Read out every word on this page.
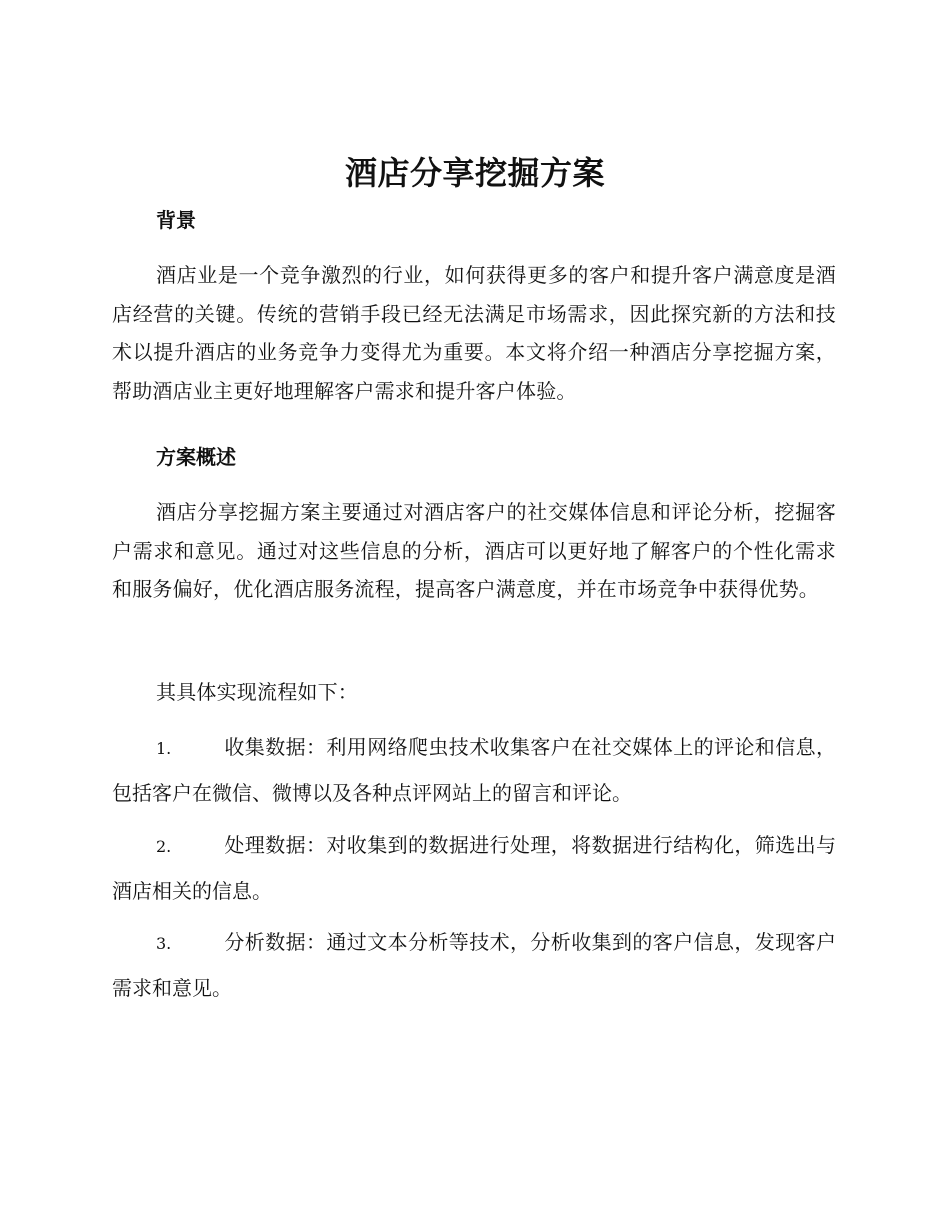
酒店分享挖掘方案
背景
酒店业是一个竞争激烈的行业，如何获得更多的客户和提升客户满意度是酒店经营的关键。传统的营销手段已经无法满足市场需求，因此探究新的方法和技术以提升酒店的业务竞争力变得尤为重要。本文将介绍一种酒店分享挖掘方案，帮助酒店业主更好地理解客户需求和提升客户体验。
方案概述
酒店分享挖掘方案主要通过对酒店客户的社交媒体信息和评论分析，挖掘客户需求和意见。通过对这些信息的分析，酒店可以更好地了解客户的个性化需求和服务偏好，优化酒店服务流程，提高客户满意度，并在市场竞争中获得优势。
其具体实现流程如下：
1.	收集数据：利用网络爬虫技术收集客户在社交媒体上的评论和信息，包括客户在微信、微博以及各种点评网站上的留言和评论。
2.	处理数据：对收集到的数据进行处理，将数据进行结构化，筛选出与酒店相关的信息。
3.	分析数据：通过文本分析等技术，分析收集到的客户信息，发现客户需求和意见。
